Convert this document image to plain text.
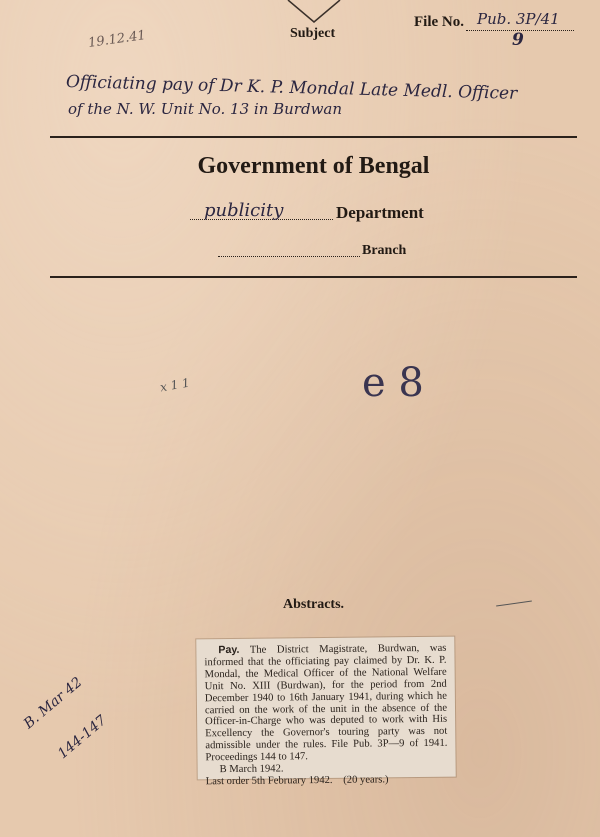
19.12.41	Subject
File No. Pub. 3P/41
9
Officiating pay of Dr K. P. Mondal Late Medl. Officer
of the N. W. Unit No. 13 in Burdwan
Government of Bengal
publicity	Department
Branch
x 1 1	e 8
Abstracts.
Pay. The District Magistrate, Burdwan, was informed that the officiating pay claimed by Dr. K. P. Mondal, the Medical Officer of the National Welfare Unit No. XIII (Burdwan), for the period from 2nd December 1940 to 16th January 1941, during which he carried on the work of the unit in the absence of the Officer-in-Charge who was deputed to work with His Excellency the Governor's touring party was not admissible under the rules. File Pub. 3P—9 of 1941. Proceedings 144 to 147.
B March 1942.
Last order 5th February 1942. (20 years.)
B. Mar 42
144-147
